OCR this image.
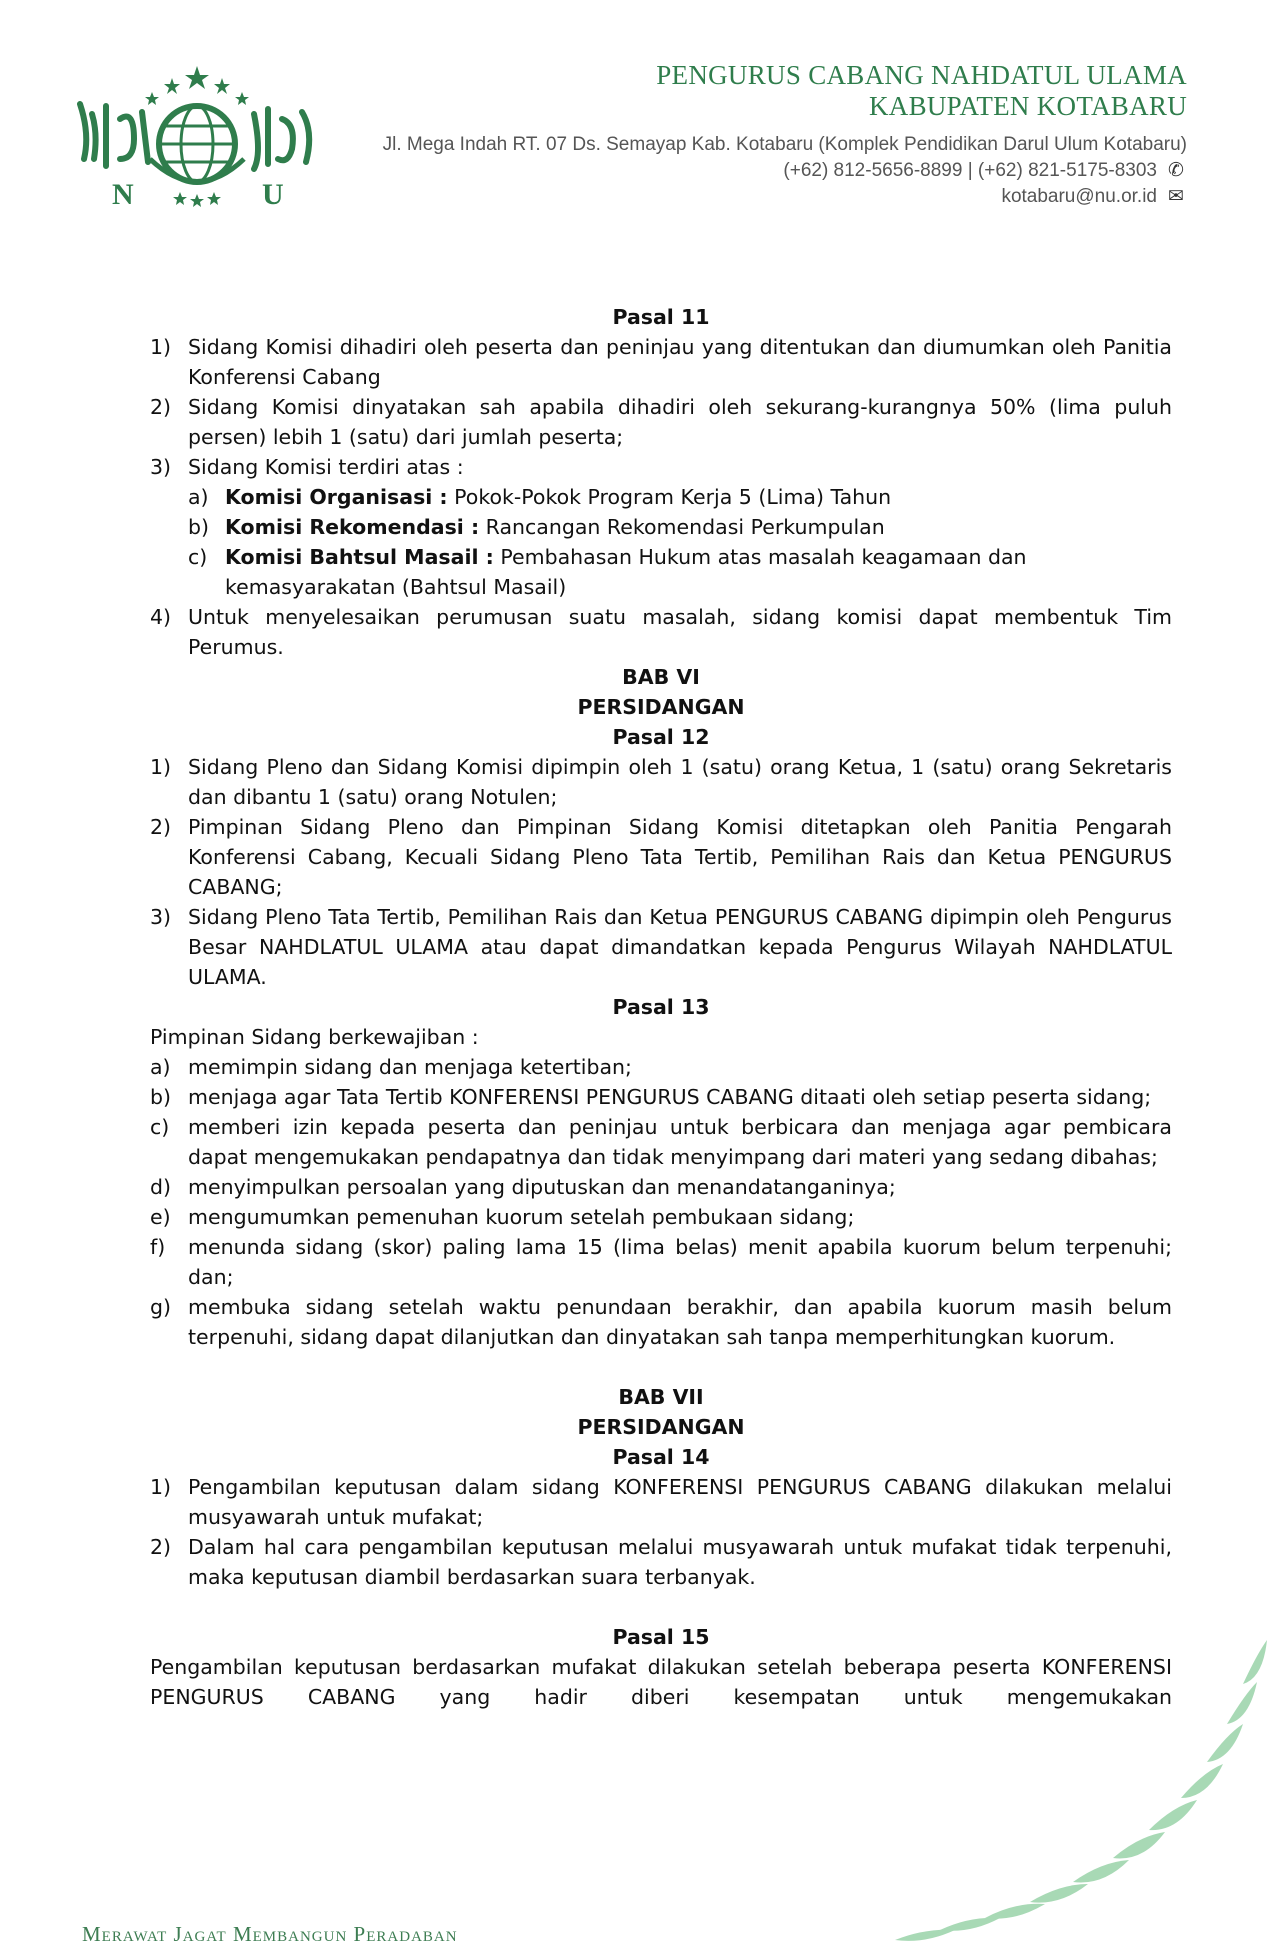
N	U
PENGURUS CABANG NAHDATUL ULAMA
KABUPATEN KOTABARU
Jl. Mega Indah RT. 07 Ds. Semayap Kab. Kotabaru (Komplek Pendidikan Darul Ulum Kotabaru)
(+62) 812-5656-8899 | (+62) 821-5175-8303 ✆
kotabaru@nu.or.id ✉
Pasal 11
1) Sidang Komisi dihadiri oleh peserta dan peninjau yang ditentukan dan diumumkan oleh Panitia Konferensi Cabang
2) Sidang Komisi dinyatakan sah apabila dihadiri oleh sekurang-kurangnya 50% (lima puluh persen) lebih 1 (satu) dari jumlah peserta;
3) Sidang Komisi terdiri atas :
a) Komisi Organisasi : Pokok-Pokok Program Kerja 5 (Lima) Tahun
b) Komisi Rekomendasi : Rancangan Rekomendasi Perkumpulan
c) Komisi Bahtsul Masail : Pembahasan Hukum atas masalah keagamaan dan kemasyarakatan (Bahtsul Masail)
4) Untuk menyelesaikan perumusan suatu masalah, sidang komisi dapat membentuk Tim Perumus.
BAB VI
PERSIDANGAN
Pasal 12
1) Sidang Pleno dan Sidang Komisi dipimpin oleh 1 (satu) orang Ketua, 1 (satu) orang Sekretaris dan dibantu 1 (satu) orang Notulen;
2) Pimpinan Sidang Pleno dan Pimpinan Sidang Komisi ditetapkan oleh Panitia Pengarah Konferensi Cabang, Kecuali Sidang Pleno Tata Tertib, Pemilihan Rais dan Ketua PENGURUS CABANG;
3) Sidang Pleno Tata Tertib, Pemilihan Rais dan Ketua PENGURUS CABANG dipimpin oleh Pengurus Besar NAHDLATUL ULAMA atau dapat dimandatkan kepada Pengurus Wilayah NAHDLATUL ULAMA.
Pasal 13
Pimpinan Sidang berkewajiban :
a) memimpin sidang dan menjaga ketertiban;
b) menjaga agar Tata Tertib KONFERENSI PENGURUS CABANG ditaati oleh setiap peserta sidang;
c) memberi izin kepada peserta dan peninjau untuk berbicara dan menjaga agar pembicara dapat mengemukakan pendapatnya dan tidak menyimpang dari materi yang sedang dibahas;
d) menyimpulkan persoalan yang diputuskan dan menandatanganinya;
e) mengumumkan pemenuhan kuorum setelah pembukaan sidang;
f)	menunda sidang (skor) paling lama 15 (lima belas) menit apabila kuorum belum terpenuhi; dan;
g) membuka sidang setelah waktu penundaan berakhir, dan apabila kuorum masih belum terpenuhi, sidang dapat dilanjutkan dan dinyatakan sah tanpa memperhitungkan kuorum.
BAB VII
PERSIDANGAN
Pasal 14
1) Pengambilan keputusan dalam sidang KONFERENSI PENGURUS CABANG dilakukan melalui musyawarah untuk mufakat;
2) Dalam hal cara pengambilan keputusan melalui musyawarah untuk mufakat tidak terpenuhi, maka keputusan diambil berdasarkan suara terbanyak.
Pasal 15
Pengambilan keputusan berdasarkan mufakat dilakukan setelah beberapa peserta KONFERENSI PENGURUS CABANG yang hadir diberi kesempatan untuk mengemukakan
Merawat Jagat Membangun Peradaban
